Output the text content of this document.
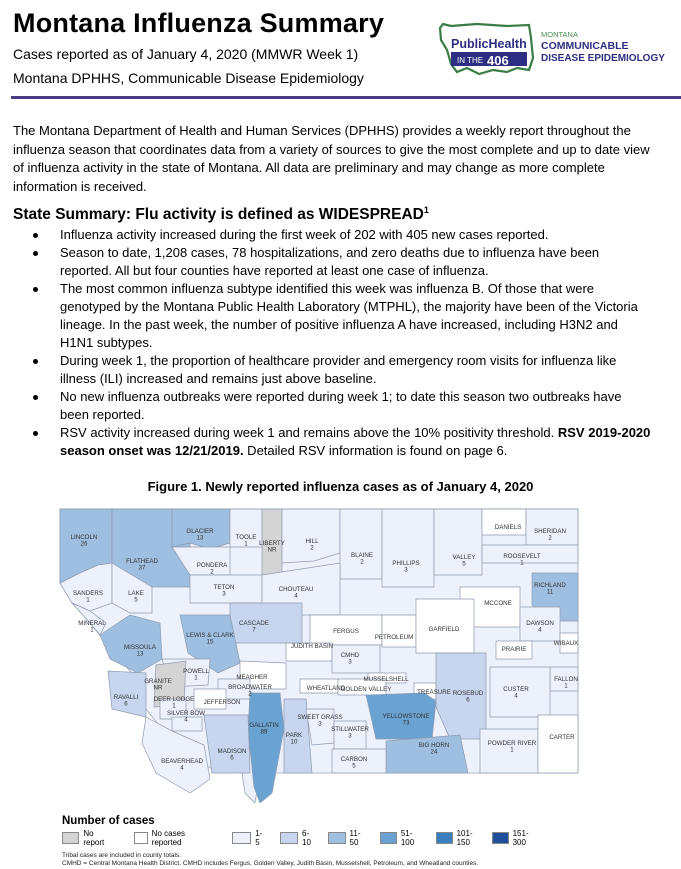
Montana Influenza Summary
Cases reported as of January 4, 2020 (MMWR Week 1)
Montana DPHHS, Communicable Disease Epidemiology
PublicHealth
IN THE 406
MONTANA
COMMUNICABLE
DISEASE EPIDEMIOLOGY
The Montana Department of Health and Human Services (DPHHS) provides a weekly report throughout the influenza season that coordinates data from a variety of sources to give the most complete and up to date view of influenza activity in the state of Montana. All data are preliminary and may change as more complete information is received.
State Summary: Flu activity is defined as WIDESPREAD$^1$
Influenza activity increased during the first week of 202 with 405 new cases reported.
Season to date, 1,208 cases, 78 hospitalizations, and zero deaths due to influenza have been reported. All but four counties have reported at least one case of influenza.
The most common influenza subtype identified this week was influenza B. Of those that were genotyped by the Montana Public Health Laboratory (MTPHL), the majority have been of the Victoria lineage. In the past week, the number of positive influenza A have increased, including H3N2 and H1N1 subtypes.
During week 1, the proportion of healthcare provider and emergency room visits for influenza like illness (ILI) increased and remains just above baseline.
No new influenza outbreaks were reported during week 1; to date this season two outbreaks have been reported.
RSV activity increased during week 1 and remains above the 10% positivity threshold. RSV 2019-2020 season onset was 12/21/2019. Detailed RSV information is found on page 6.
Figure 1. Newly reported influenza cases as of January 4, 2020
LINCOLN 26
GLACIER 13	TOOLE 1	LIBERTY NR
HILL 2
BLAINE 2	PHILLIPS 3
VALLEY 5
DANIELS
SHERIDAN 2
ROOSEVELT 1
FLATHEAD 37	PONDERA 2
RICHLAND 11
SANDERS 1
LAKE 5
TETON 3
CHOUTEAU 4
MCCONE
DAWSON 4
MINERAL 1
CASCADE 7	FERGUS
PETROLEUM
GARFIELD
WIBAUX
LEWIS & CLARK 15
JUDITH BASIN	PRAIRIE
MISSOULA 13	CMHD 3
POWELL 1	MEAGHER	MUSSELSHELL	FALLON 1
GRANITE NR	BROADWATER 2
WHEATLAND
GOLDEN VALLEY	TREASURE ROSEBUD 6
CUSTER 4
RAVALLI 6
DEER LODGE 1	JEFFERSON
SILVER BOW 4
GALLATIN 89	PARK 10
SWEET GRASS 3
STILLWATER 3
YELLOWSTONE 73
BIG HORN 24
POWDER RIVER 1
CARTER
BEAVERHEAD 4
MADISON 6	CARBON 5
Number of cases
No report
No cases reported
1-5
6-10
11-50
51-100
101-150
151-300
Tribal cases are included in county totals.
CMHD = Central Montana Health District. CMHD includes Fergus, Golden Valley, Judith Basin, Musselshell, Petroleum, and Wheatland counties.
